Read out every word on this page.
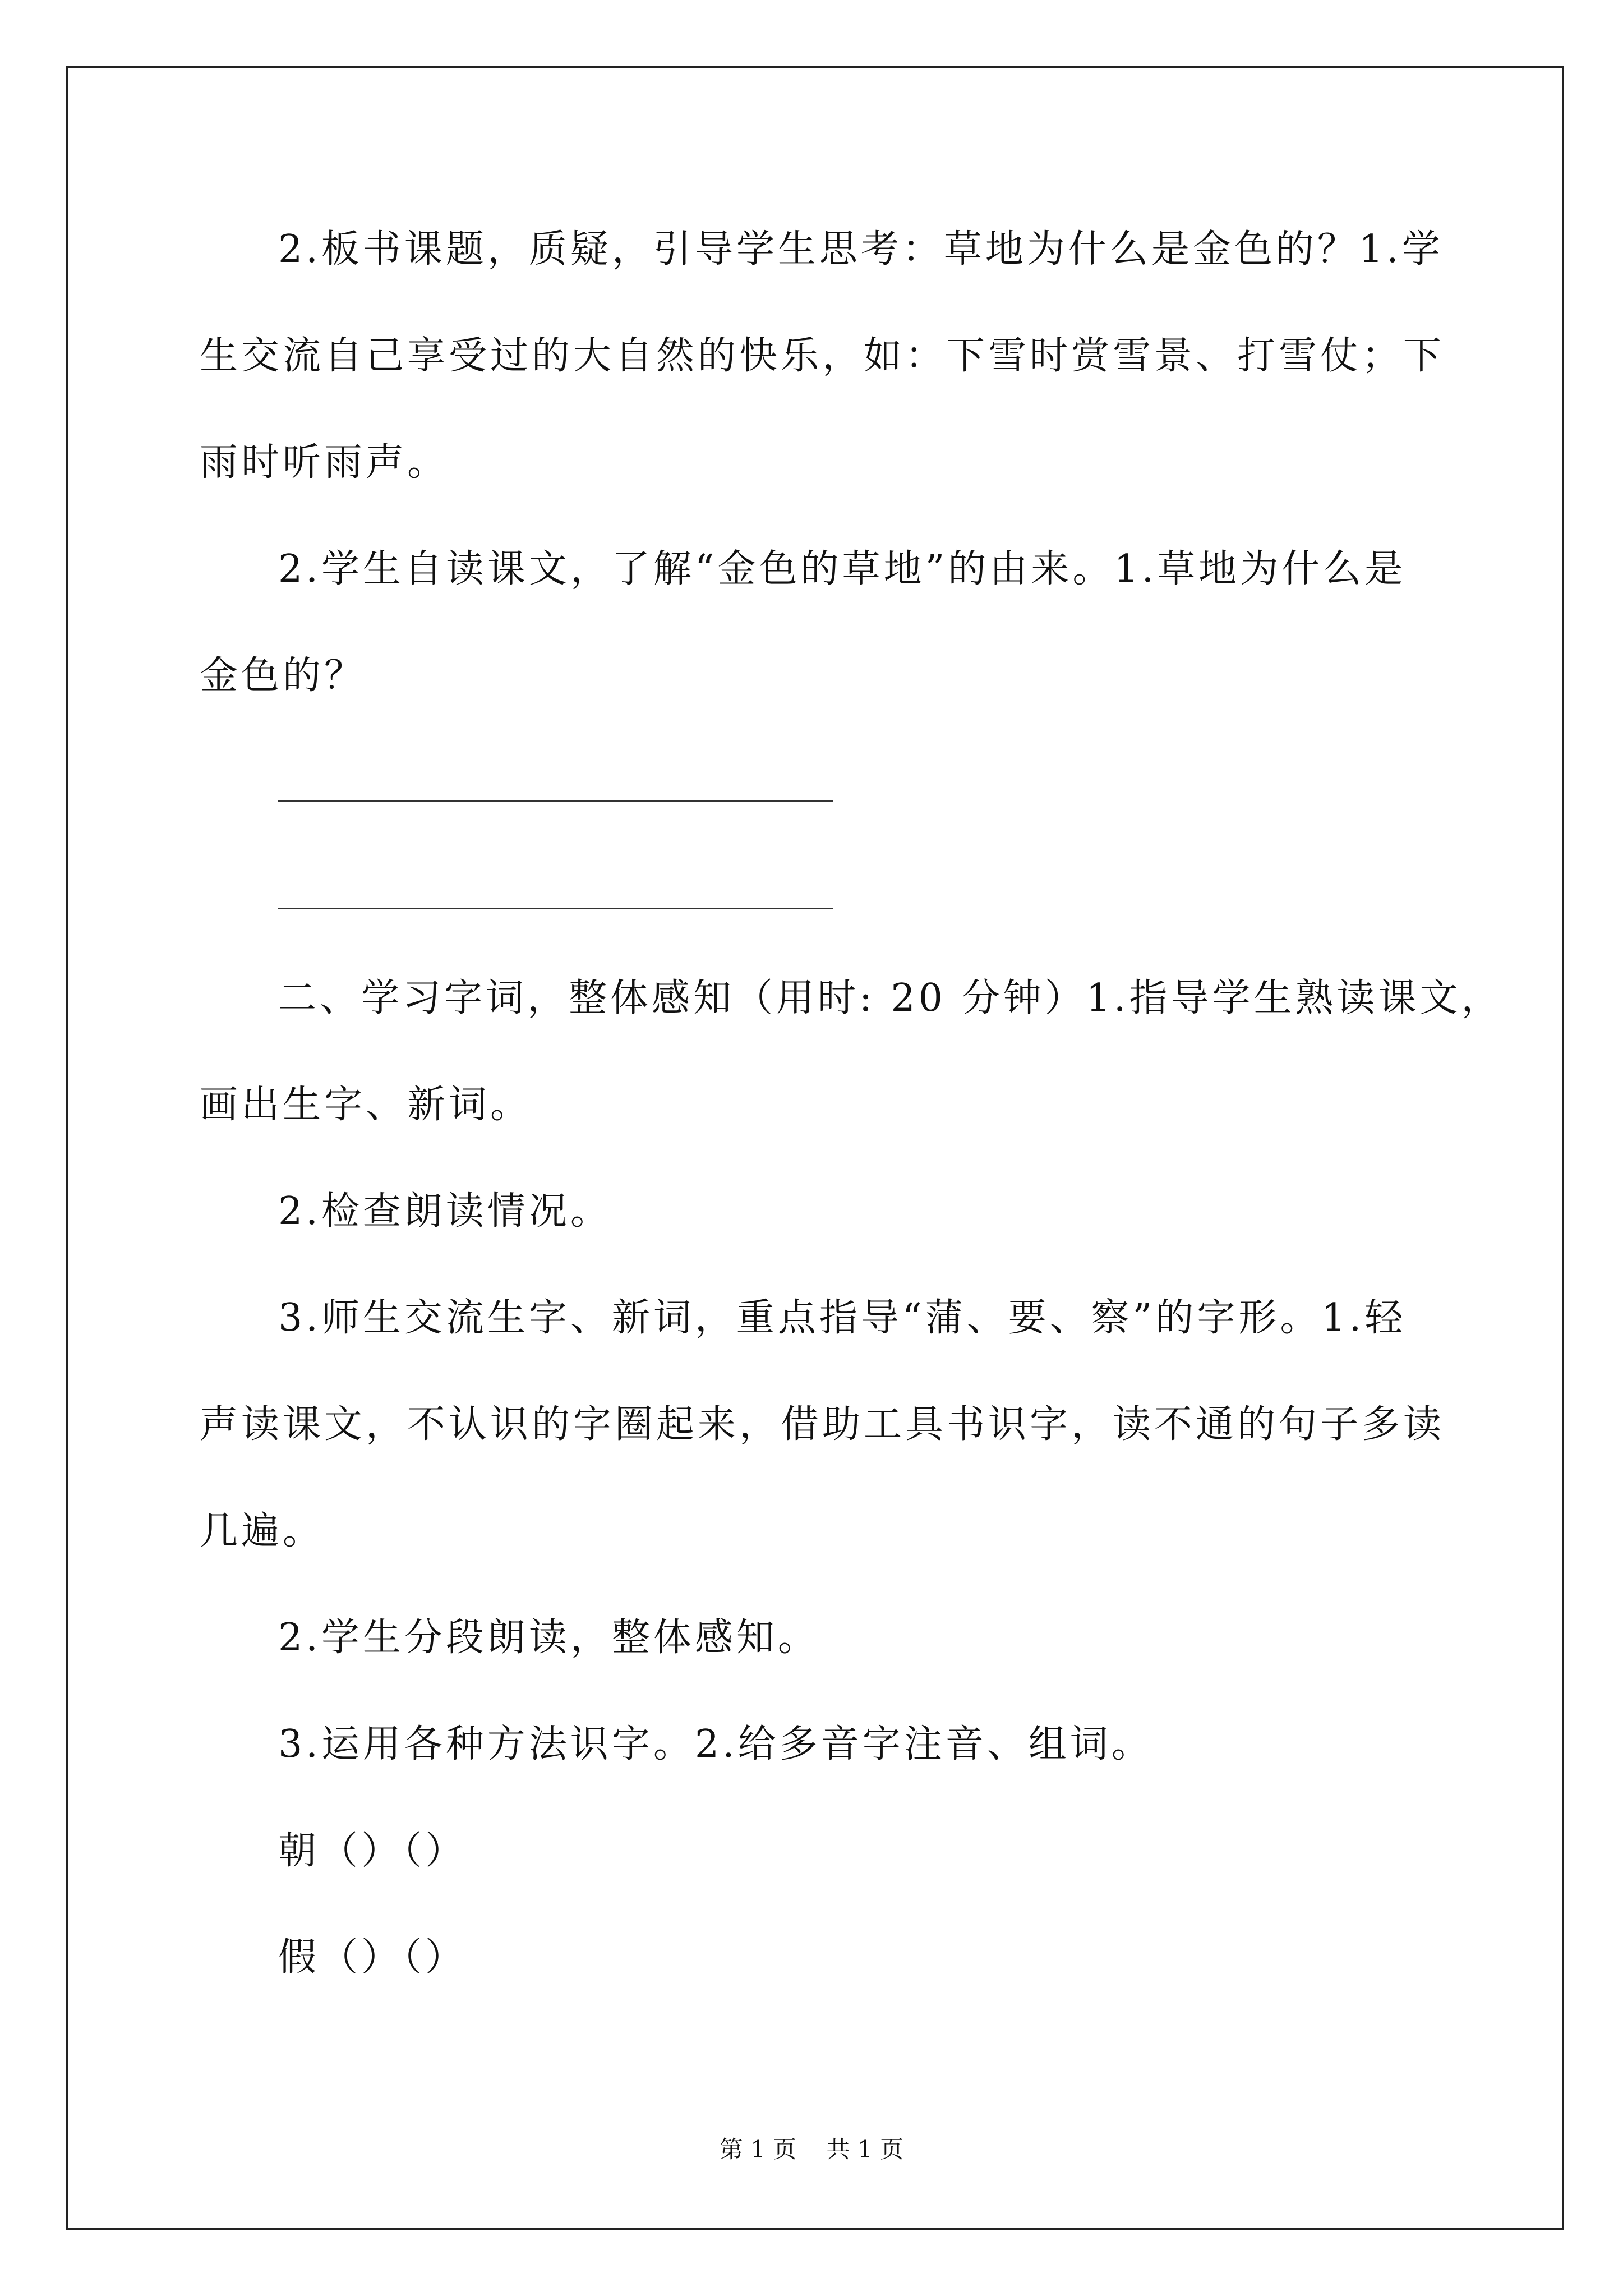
2.板书课题，质疑，引导学生思考：草地为什么是金色的？1.学
生交流自己享受过的大自然的快乐，如：下雪时赏雪景、打雪仗；下
雨时听雨声。
2.学生自读课文，了解“金色的草地”的由来。1.草地为什么是
金色的？
二、学习字词，整体感知（用时: 20 分钟）1.指导学生熟读课文，
画出生字、新词。
2.检查朗读情况。
3.师生交流生字、新词，重点指导“蒲、要、察”的字形。1.轻
声读课文，不认识的字圈起来，借助工具书识字，读不通的句子多读
几遍。
2.学生分段朗读，整体感知。
3.运用各种方法识字。2.给多音字注音、组词。
朝（）（）
假（）（）
第 1 页 共 1 页
